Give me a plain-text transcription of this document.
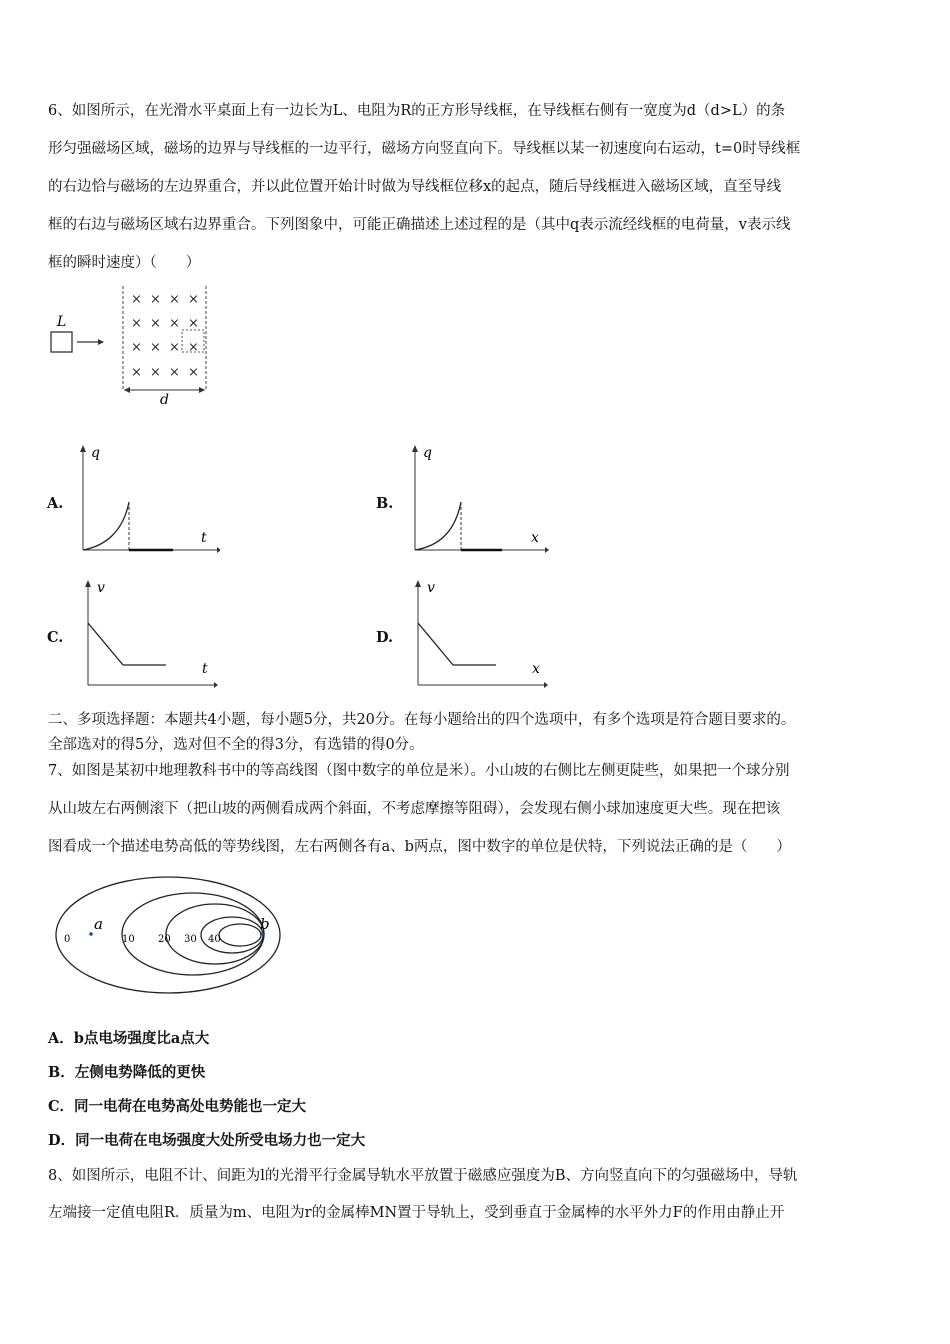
6、如图所示，在光滑水平桌面上有一边长为L、电阻为R的正方形导线框，在导线框右侧有一宽度为d（d>L）的条
形匀强磁场区域，磁场的边界与导线框的一边平行，磁场方向竖直向下。导线框以某一初速度向右运动，t=0时导线框
的右边恰与磁场的左边界重合，并以此位置开始计时做为导线框位移x的起点，随后导线框进入磁场区域，直至导线
框的右边与磁场区域右边界重合。下列图象中，可能正确描述上述过程的是（其中q表示流经线框的电荷量，v表示线
框的瞬时速度）（　　）
L
× × × ×
× × × ×
× × × ×
× × × ×
d
A.
q
t
B.
q
x
C.
v
t
D.
v
x
二、多项选择题：本题共4小题，每小题5分，共20分。在每小题给出的四个选项中，有多个选项是符合题目要求的。
全部选对的得5分，选对但不全的得3分，有选错的得0分。
7、如图是某初中地理教科书中的等高线图（图中数字的单位是米）。小山坡的右侧比左侧更陡些，如果把一个球分别
从山坡左右两侧滚下（把山坡的两侧看成两个斜面，不考虑摩擦等阻碍），会发现右侧小球加速度更大些。现在把该
图看成一个描述电势高低的等势线图，左右两侧各有a、b两点，图中数字的单位是伏特，下列说法正确的是（　　）
0	10 20 30 40
a	b
A．b点电场强度比a点大
B．左侧电势降低的更快
C．同一电荷在电势高处电势能也一定大
D．同一电荷在电场强度大处所受电场力也一定大
8、如图所示，电阻不计、间距为l的光滑平行金属导轨水平放置于磁感应强度为B、方向竖直向下的匀强磁场中，导轨
左端接一定值电阻R．质量为m、电阻为r的金属棒MN置于导轨上，受到垂直于金属棒的水平外力F的作用由静止开
